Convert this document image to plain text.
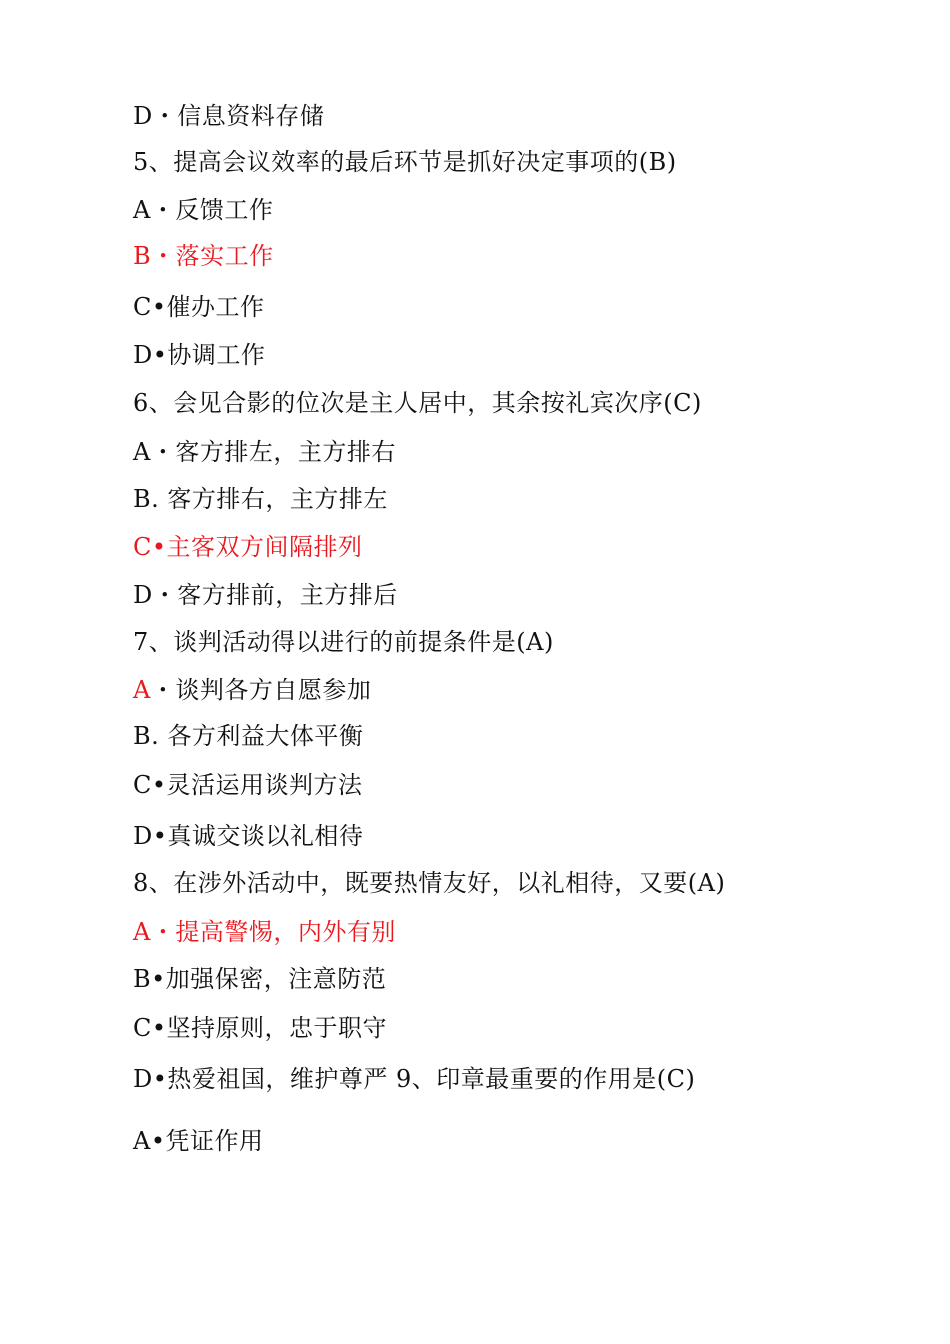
D・信息资料存储
5、提高会议效率的最后环节是抓好决定事项的(B)
A・反馈工作
B・落实工作
C•催办工作
D•协调工作
6、会见合影的位次是主人居中，其余按礼宾次序(C)
A・客方排左，主方排右
B. 客方排右，主方排左
C•主客双方间隔排列
D・客方排前，主方排后
7、谈判活动得以进行的前提条件是(A)
A・谈判各方自愿参加
B. 各方利益大体平衡
C•灵活运用谈判方法
D•真诚交谈以礼相待
8、在涉外活动中，既要热情友好，以礼相待，又要(A)
A・提高警惕，内外有别
B•加强保密，注意防范
C•坚持原则，忠于职守
D•热爱祖国，维护尊严 9、印章最重要的作用是(C)
A•凭证作用
